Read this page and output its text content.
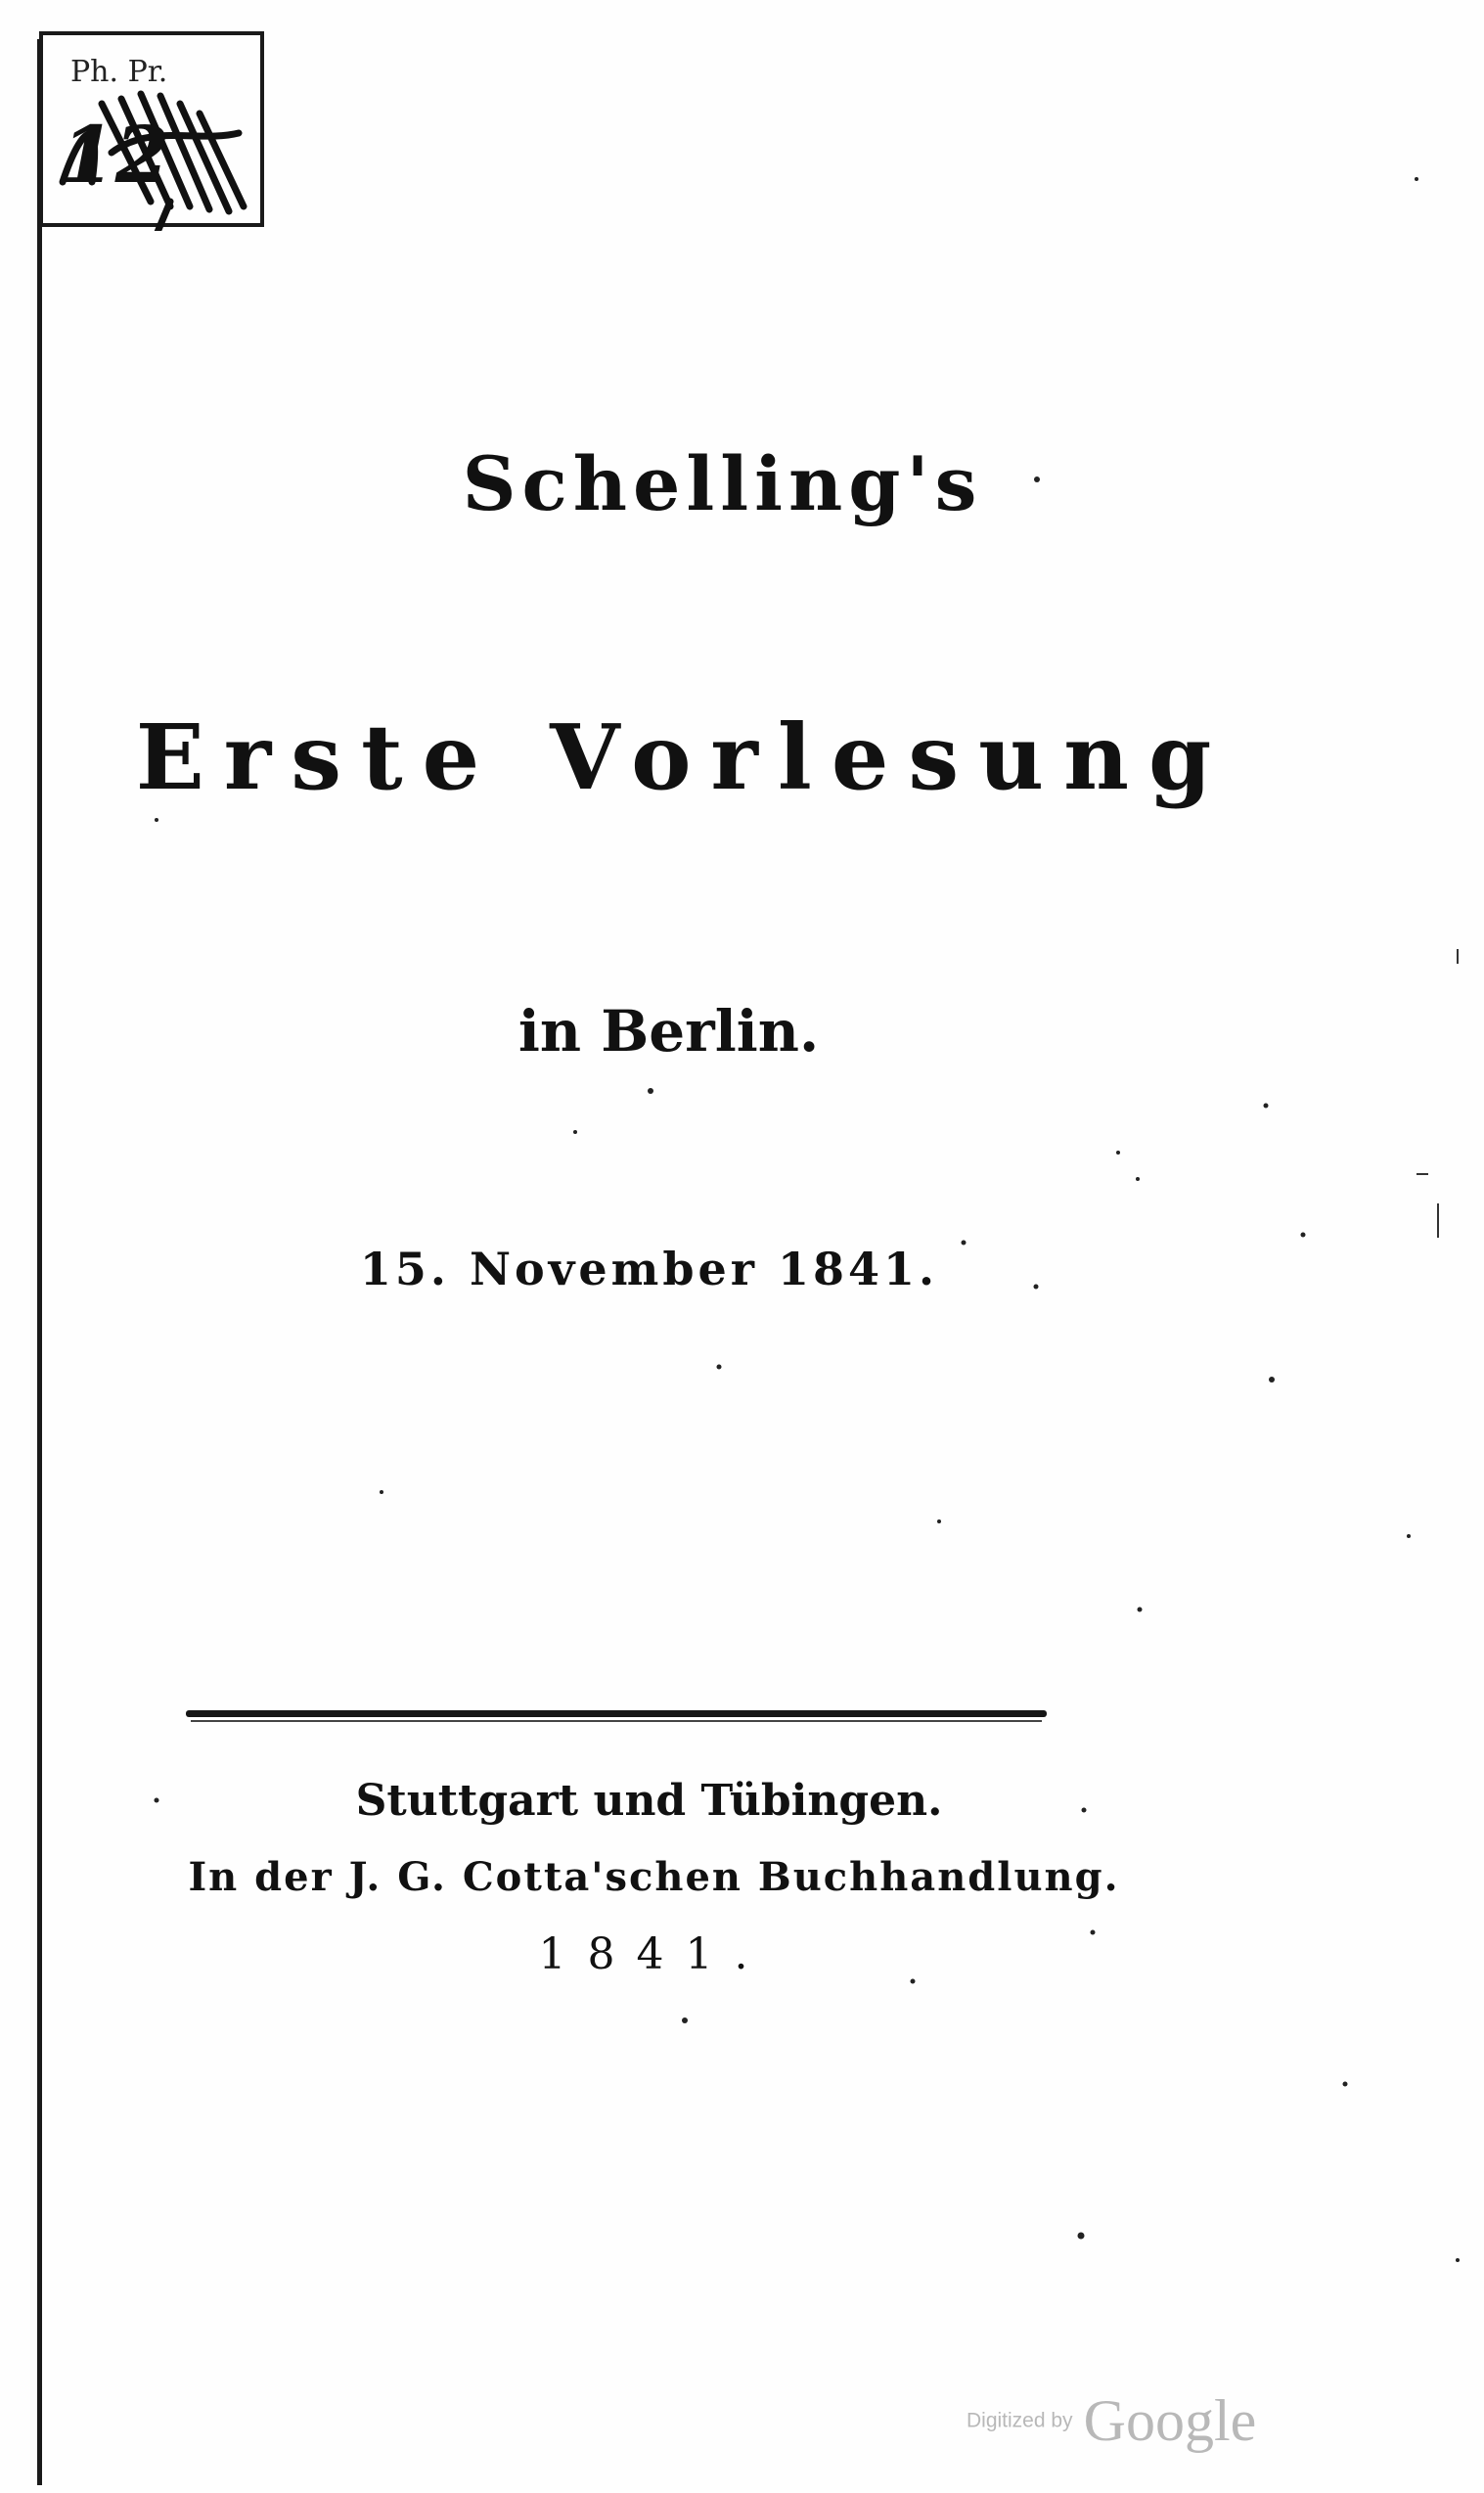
Ph. Pr.
12
Schelling's
Erste Vorlesung
in Berlin.
15. November 1841.
Stuttgart und Tübingen.
In der J. G. Cotta'schen Buchhandlung.
1841.
Digitized by Google
